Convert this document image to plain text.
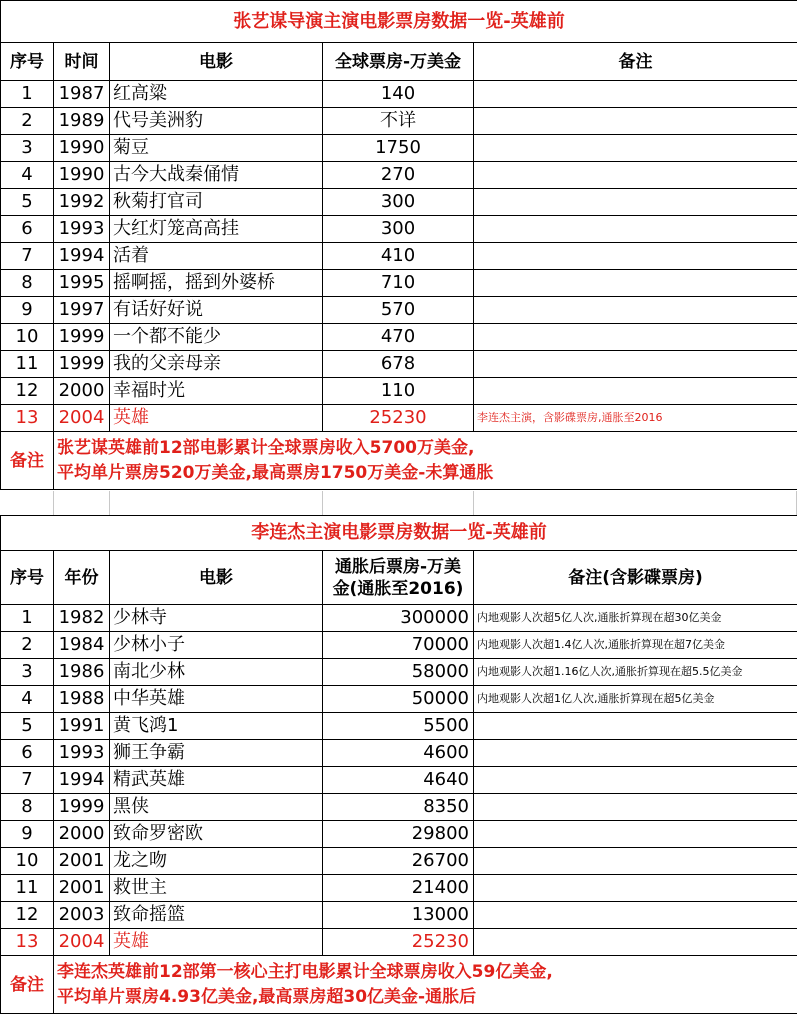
张艺谋导演主演电影票房数据一览-英雄前				
序号	时间	电影	全球票房-万美金	备注
1	1987	红高粱	140	
2	1989	代号美洲豹	不详	
3	1990	菊豆	1750	
4	1990	古今大战秦俑情	270	
5	1992	秋菊打官司	300	
6	1993	大红灯笼高高挂	300	
7	1994	活着	410	
8	1995	摇啊摇，摇到外婆桥	710	
9	1997	有话好好说	570	
10	1999	一个都不能少	470	
11	1999	我的父亲母亲	678	
12	2000	幸福时光	110	
13	2004	英雄	25230	李连杰主演，含影碟票房,通胀至2016
备注	张艺谋英雄前12部电影累计全球票房收入5700万美金,
平均单片票房520万美金,最高票房1750万美金-未算通胀			
李连杰主演电影票房数据一览-英雄前				
序号	年份	电影	通胀后票房-万美
金(通胀至2016)	备注(含影碟票房)
1	1982	少林寺	300000	内地观影人次超5亿人次,通胀折算现在超30亿美金
2	1984	少林小子	70000	内地观影人次超1.4亿人次,通胀折算现在超7亿美金
3	1986	南北少林	58000	内地观影人次超1.16亿人次,通胀折算现在超5.5亿美金
4	1988	中华英雄	50000	内地观影人次超1亿人次,通胀折算现在超5亿美金
5	1991	黄飞鸿1	5500	
6	1993	狮王争霸	4600	
7	1994	精武英雄	4640	
8	1999	黑侠	8350	
9	2000	致命罗密欧	29800	
10	2001	龙之吻	26700	
11	2001	救世主	21400	
12	2003	致命摇篮	13000	
13	2004	英雄	25230	
备注	李连杰英雄前12部第一核心主打电影累计全球票房收入59亿美金,
平均单片票房4.93亿美金,最高票房超30亿美金-通胀后			
